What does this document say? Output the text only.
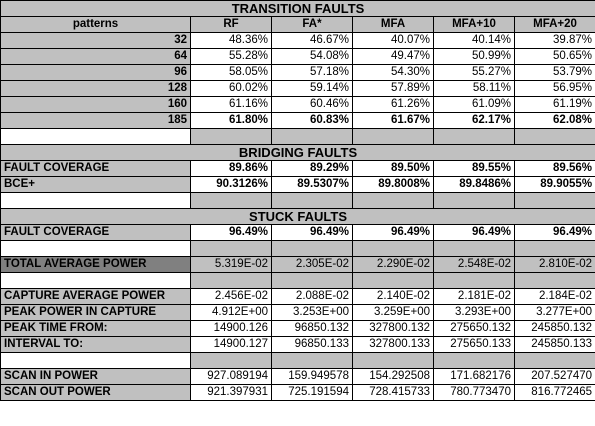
TRANSITION FAULTS					
patterns	RF	FA*	MFA	MFA+10	MFA+20
32	48.36%	46.67%	40.07%	40.14%	39.87%
64	55.28%	54.08%	49.47%	50.99%	50.65%
96	58.05%	57.18%	54.30%	55.27%	53.79%
128	60.02%	59.14%	57.89%	58.11%	56.95%
160	61.16%	60.46%	61.26%	61.09%	61.19%
185	61.80%	60.83%	61.67%	62.17%	62.08%

BRIDGING FAULTS					
FAULT COVERAGE	89.86%	89.29%	89.50%	89.55%	89.56%
BCE+	90.3126%	89.5307%	89.8008%	89.8486%	89.9055%

STUCK FAULTS					
FAULT COVERAGE	96.49%	96.49%	96.49%	96.49%	96.49%

TOTAL AVERAGE POWER	5.319E-02	2.305E-02	2.290E-02	2.548E-02	2.810E-02

CAPTURE AVERAGE POWER	2.456E-02	2.088E-02	2.140E-02	2.181E-02	2.184E-02
PEAK POWER IN CAPTURE	4.912E+00	3.253E+00	3.259E+00	3.293E+00	3.277E+00
PEAK TIME FROM:	14900.126	96850.132	327800.132	275650.132	245850.132
INTERVAL TO:	14900.127	96850.133	327800.133	275650.133	245850.133

SCAN IN POWER	927.089194	159.949578	154.292508	171.682176	207.527470
SCAN OUT POWER	921.397931	725.191594	728.415733	780.773470	816.772465
